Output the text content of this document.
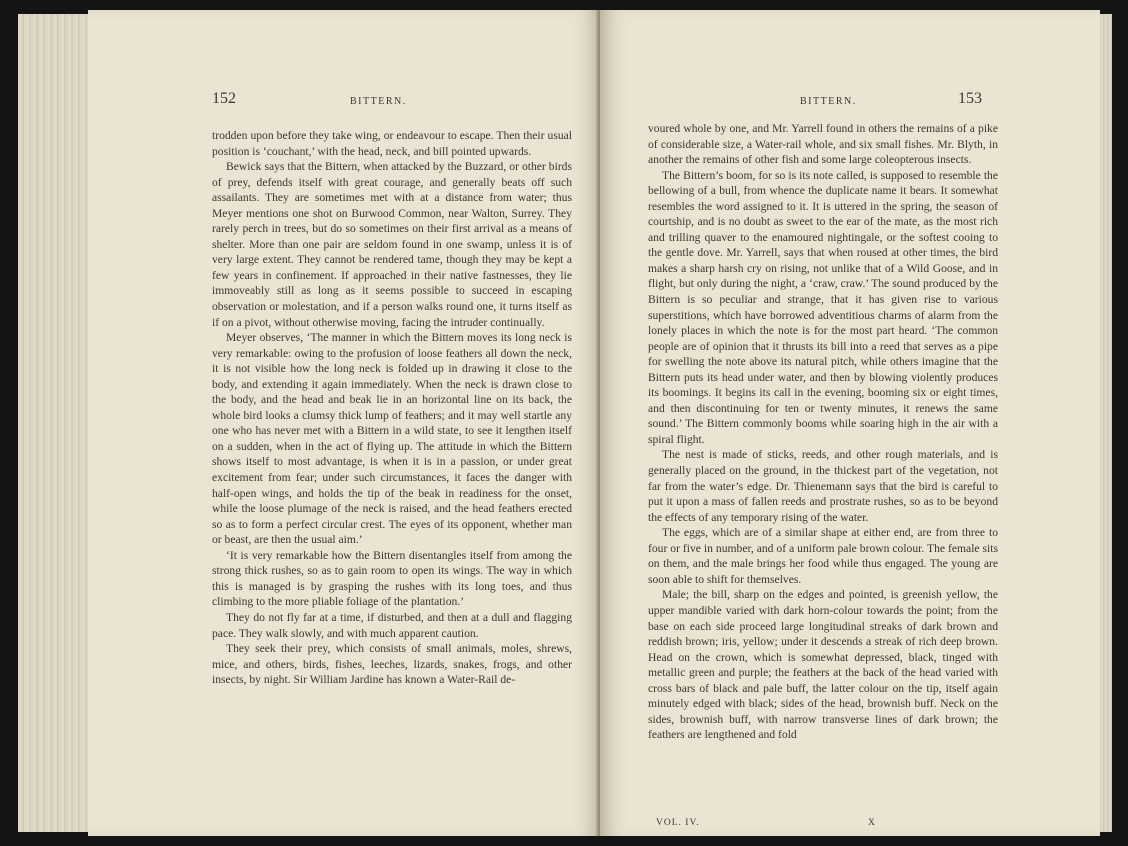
152	BITTERN.

trodden upon before they take wing, or endeavour to escape. Then their usual position is ‘couchant,’ with the head, neck, and bill pointed upwards.

Bewick says that the Bittern, when attacked by the Buzzard, or other birds of prey, defends itself with great courage, and generally beats off such assailants. They are sometimes met with at a distance from water; thus Meyer mentions one shot on Burwood Common, near Walton, Surrey. They rarely perch in trees, but do so sometimes on their first arrival as a means of shelter. More than one pair are seldom found in one swamp, unless it is of very large extent. They cannot be rendered tame, though they may be kept a few years in confinement. If approached in their native fastnesses, they lie immoveably still as long as it seems possible to succeed in escaping observation or molestation, and if a person walks round one, it turns itself as if on a pivot, without otherwise moving, facing the intruder continually.

Meyer observes, ‘The manner in which the Bittern moves its long neck is very remarkable: owing to the profusion of loose feathers all down the neck, it is not visible how the long neck is folded up in drawing it close to the body, and extending it again immediately. When the neck is drawn close to the body, and the head and beak lie in an horizontal line on its back, the whole bird looks a clumsy thick lump of feathers; and it may well startle any one who has never met with a Bittern in a wild state, to see it lengthen itself on a sudden, when in the act of flying up. The attitude in which the Bittern shows itself to most advantage, is when it is in a passion, or under great excitement from fear; under such circumstances, it faces the danger with half-open wings, and holds the tip of the beak in readiness for the onset, while the loose plumage of the neck is raised, and the head feathers erected so as to form a perfect circular crest. The eyes of its opponent, whether man or beast, are then the usual aim.’

‘It is very remarkable how the Bittern disentangles itself from among the strong thick rushes, so as to gain room to open its wings. The way in which this is managed is by grasping the rushes with its long toes, and thus climbing to the more pliable foliage of the plantation.’

They do not fly far at a time, if disturbed, and then at a dull and flagging pace. They walk slowly, and with much apparent caution.

They seek their prey, which consists of small animals, moles, shrews, mice, and others, birds, fishes, leeches, lizards, snakes, frogs, and other insects, by night. Sir William Jardine has known a Water-Rail de-

BITTERN.	153

voured whole by one, and Mr. Yarrell found in others the remains of a pike of considerable size, a Water-rail whole, and six small fishes. Mr. Blyth, in another the remains of other fish and some large coleopterous insects.

The Bittern’s boom, for so is its note called, is supposed to resemble the bellowing of a bull, from whence the duplicate name it bears. It somewhat resembles the word assigned to it. It is uttered in the spring, the season of courtship, and is no doubt as sweet to the ear of the mate, as the most rich and trilling quaver to the enamoured nightingale, or the softest cooing to the gentle dove. Mr. Yarrell, says that when roused at other times, the bird makes a sharp harsh cry on rising, not unlike that of a Wild Goose, and in flight, but only during the night, a ‘craw, craw.’ The sound produced by the Bittern is so peculiar and strange, that it has given rise to various superstitions, which have borrowed adventitious charms of alarm from the lonely places in which the note is for the most part heard. ‘The common people are of opinion that it thrusts its bill into a reed that serves as a pipe for swelling the note above its natural pitch, while others imagine that the Bittern puts its head under water, and then by blowing violently produces its boomings. It begins its call in the evening, booming six or eight times, and then discontinuing for ten or twenty minutes, it renews the same sound.’ The Bittern commonly booms while soaring high in the air with a spiral flight.

The nest is made of sticks, reeds, and other rough materials, and is generally placed on the ground, in the thickest part of the vegetation, not far from the water’s edge. Dr. Thienemann says that the bird is careful to put it upon a mass of fallen reeds and prostrate rushes, so as to be beyond the effects of any temporary rising of the water.

The eggs, which are of a similar shape at either end, are from three to four or five in number, and of a uniform pale brown colour. The female sits on them, and the male brings her food while thus engaged. The young are soon able to shift for themselves.

Male; the bill, sharp on the edges and pointed, is greenish yellow, the upper mandible varied with dark horn-colour towards the point; from the base on each side proceed large longitudinal streaks of dark brown and reddish brown; iris, yellow; under it descends a streak of rich deep brown. Head on the crown, which is somewhat depressed, black, tinged with metallic green and purple; the feathers at the back of the head varied with cross bars of black and pale buff, the latter colour on the tip, itself again minutely edged with black; sides of the head, brownish buff. Neck on the sides, brownish buff, with narrow transverse lines of dark brown; the feathers are lengthened and fold

VOL. IV.	X
